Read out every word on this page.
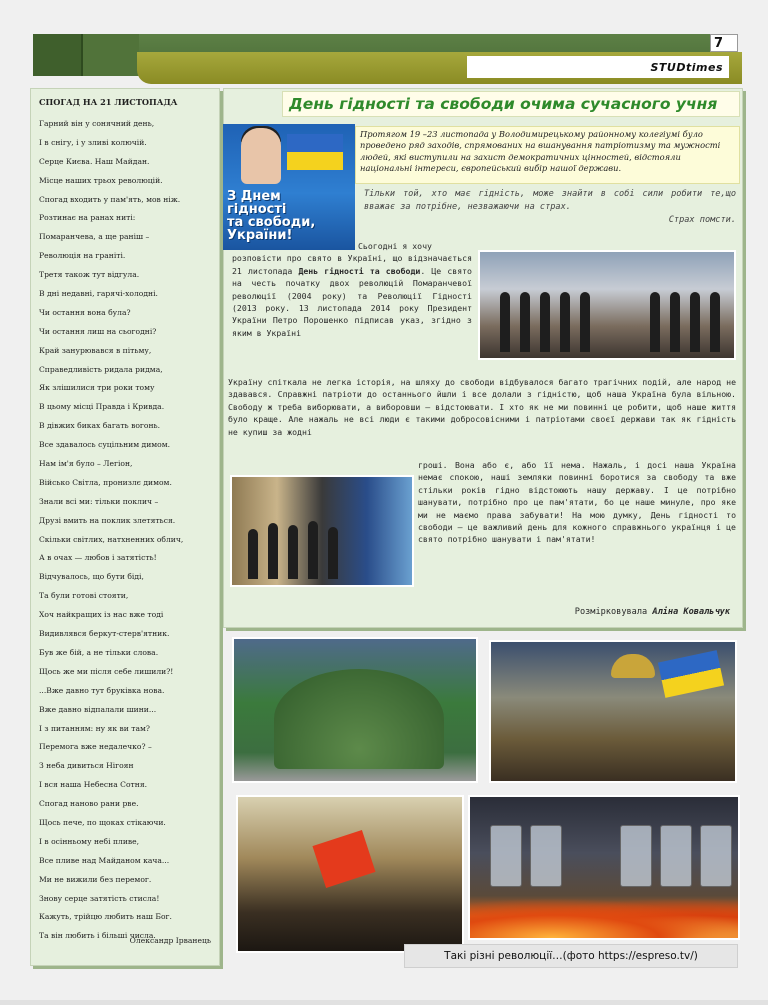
STUDtimes
7
СПОГАД НА 21 ЛИСТОПАДА
Гарний він у сонячний день,
І в снігу, і у зливі колючій.
Серце Києва. Наш Майдан.
Місце наших трьох революцій.
Спогад входить у пам'ять, мов ніж.
Розтинає на ранах нитi:
Помаранчева, а ще раніш –
Революція на граніті.
Третя також тут відгула.
В дні недавні, гарячі-холодні.
Чи остання вона була?
Чи остання лиш на сьогодні?
Край занурювався в пітьму,
Справедливість ридала ридма,
Як злішилися три роки тому
В цьому місці Правда і Кривда.
В дівжих биках багать вогонь.
Все здавалось суцільним димом.
Нам ім'я було – Легіон,
Військо Світла, пронизлє димом.
Знали всі ми: тільки поклич –
Друзі вмить на поклик злетяться.
Скільки світлих, натхненних облич,
А в очах — любов і затятість!
Відчувалось, що бути біді,
Та були готові стояти,
Хоч найкращих із нас вже тоді
Видивлявся беркут-стерв'ятник.
Був же бій, а не тільки слова.
Щось же ми після себе лишили?!
...Вже давно тут бруківка нова.
Вже давно відпалали шини...
І з питанням: ну як ви там?
Перемога вже недалечко? –
З неба дивиться Нігоян
І вся наша Небесна Сотня.
Спогад наново рани рве.
Щось пече, по щоках стікаючи.
І в осінньому небі пливе,
Все пливе над Майданом кача...
Ми не вижили без перемог.
Знову серце затятість стисла!
Кажуть, трійцю любить наш Бог.
Та він любить і більші числа.
Олександр Ірванець
День гідності та свободи очима сучасного учня
З Днем
гідності
та свободи,
України!
Протягом 19 –23 листопада у Володимирецькому районному колегіумі було проведено ряд заходів, спрямованих на вшанування патріотизму та мужності людей, які виступили на захист демократичних цінностей, відстояли національні інтереси, європейський вибір нашої держави.
Тільки той, хто має гідність, може знайти в собі сили робити те,що вважає за потрібне, незважаючи на страх.
Страх помсти.
Сьогодні я хочу
розповісти про свято в Україні, що відзначається 21 листопада День гідності та свободи. Це свято на честь початку двох революцій Помаранчевої революції (2004 року) та Революції Гідності (2013 року. 13 листопада 2014 року Президент України Петро Порошенко підписав указ, згідно з яким в Україні
Україну спіткала не легка історія, на шляху до свободи відбувалося багато трагічних подій, але народ не здавався. Справжні патріоти до останнього йшли і все долали з гідністю, щоб наша Україна була вільною. Свободу ж треба виборювати, а виборовши – відстоювати. І хто як не ми повинні це робити, щоб наше життя було краще. Але нажаль не всі люди є такими добросовісними і патріотами своєї держави так як гідність не купиш за жодні
гроші. Вона або є, або її нема. Нажаль, і досі наша Україна немає спокою, наші земляки повинні боротися за свободу та вже стільки років гідно відстоюють нашу державу. І це потрібно шанувати, потрібно про це пам'ятати, бо це наше минуле, про яке ми не маємо права забувати! На мою думку, День гідності то свободи – це важливий день для кожного справжнього українця і це свято потрібно шанувати і пам'ятати!
Розмірковувала Аліна Ковальчук
Такі різні революції…(фото https://espreso.tv/)
